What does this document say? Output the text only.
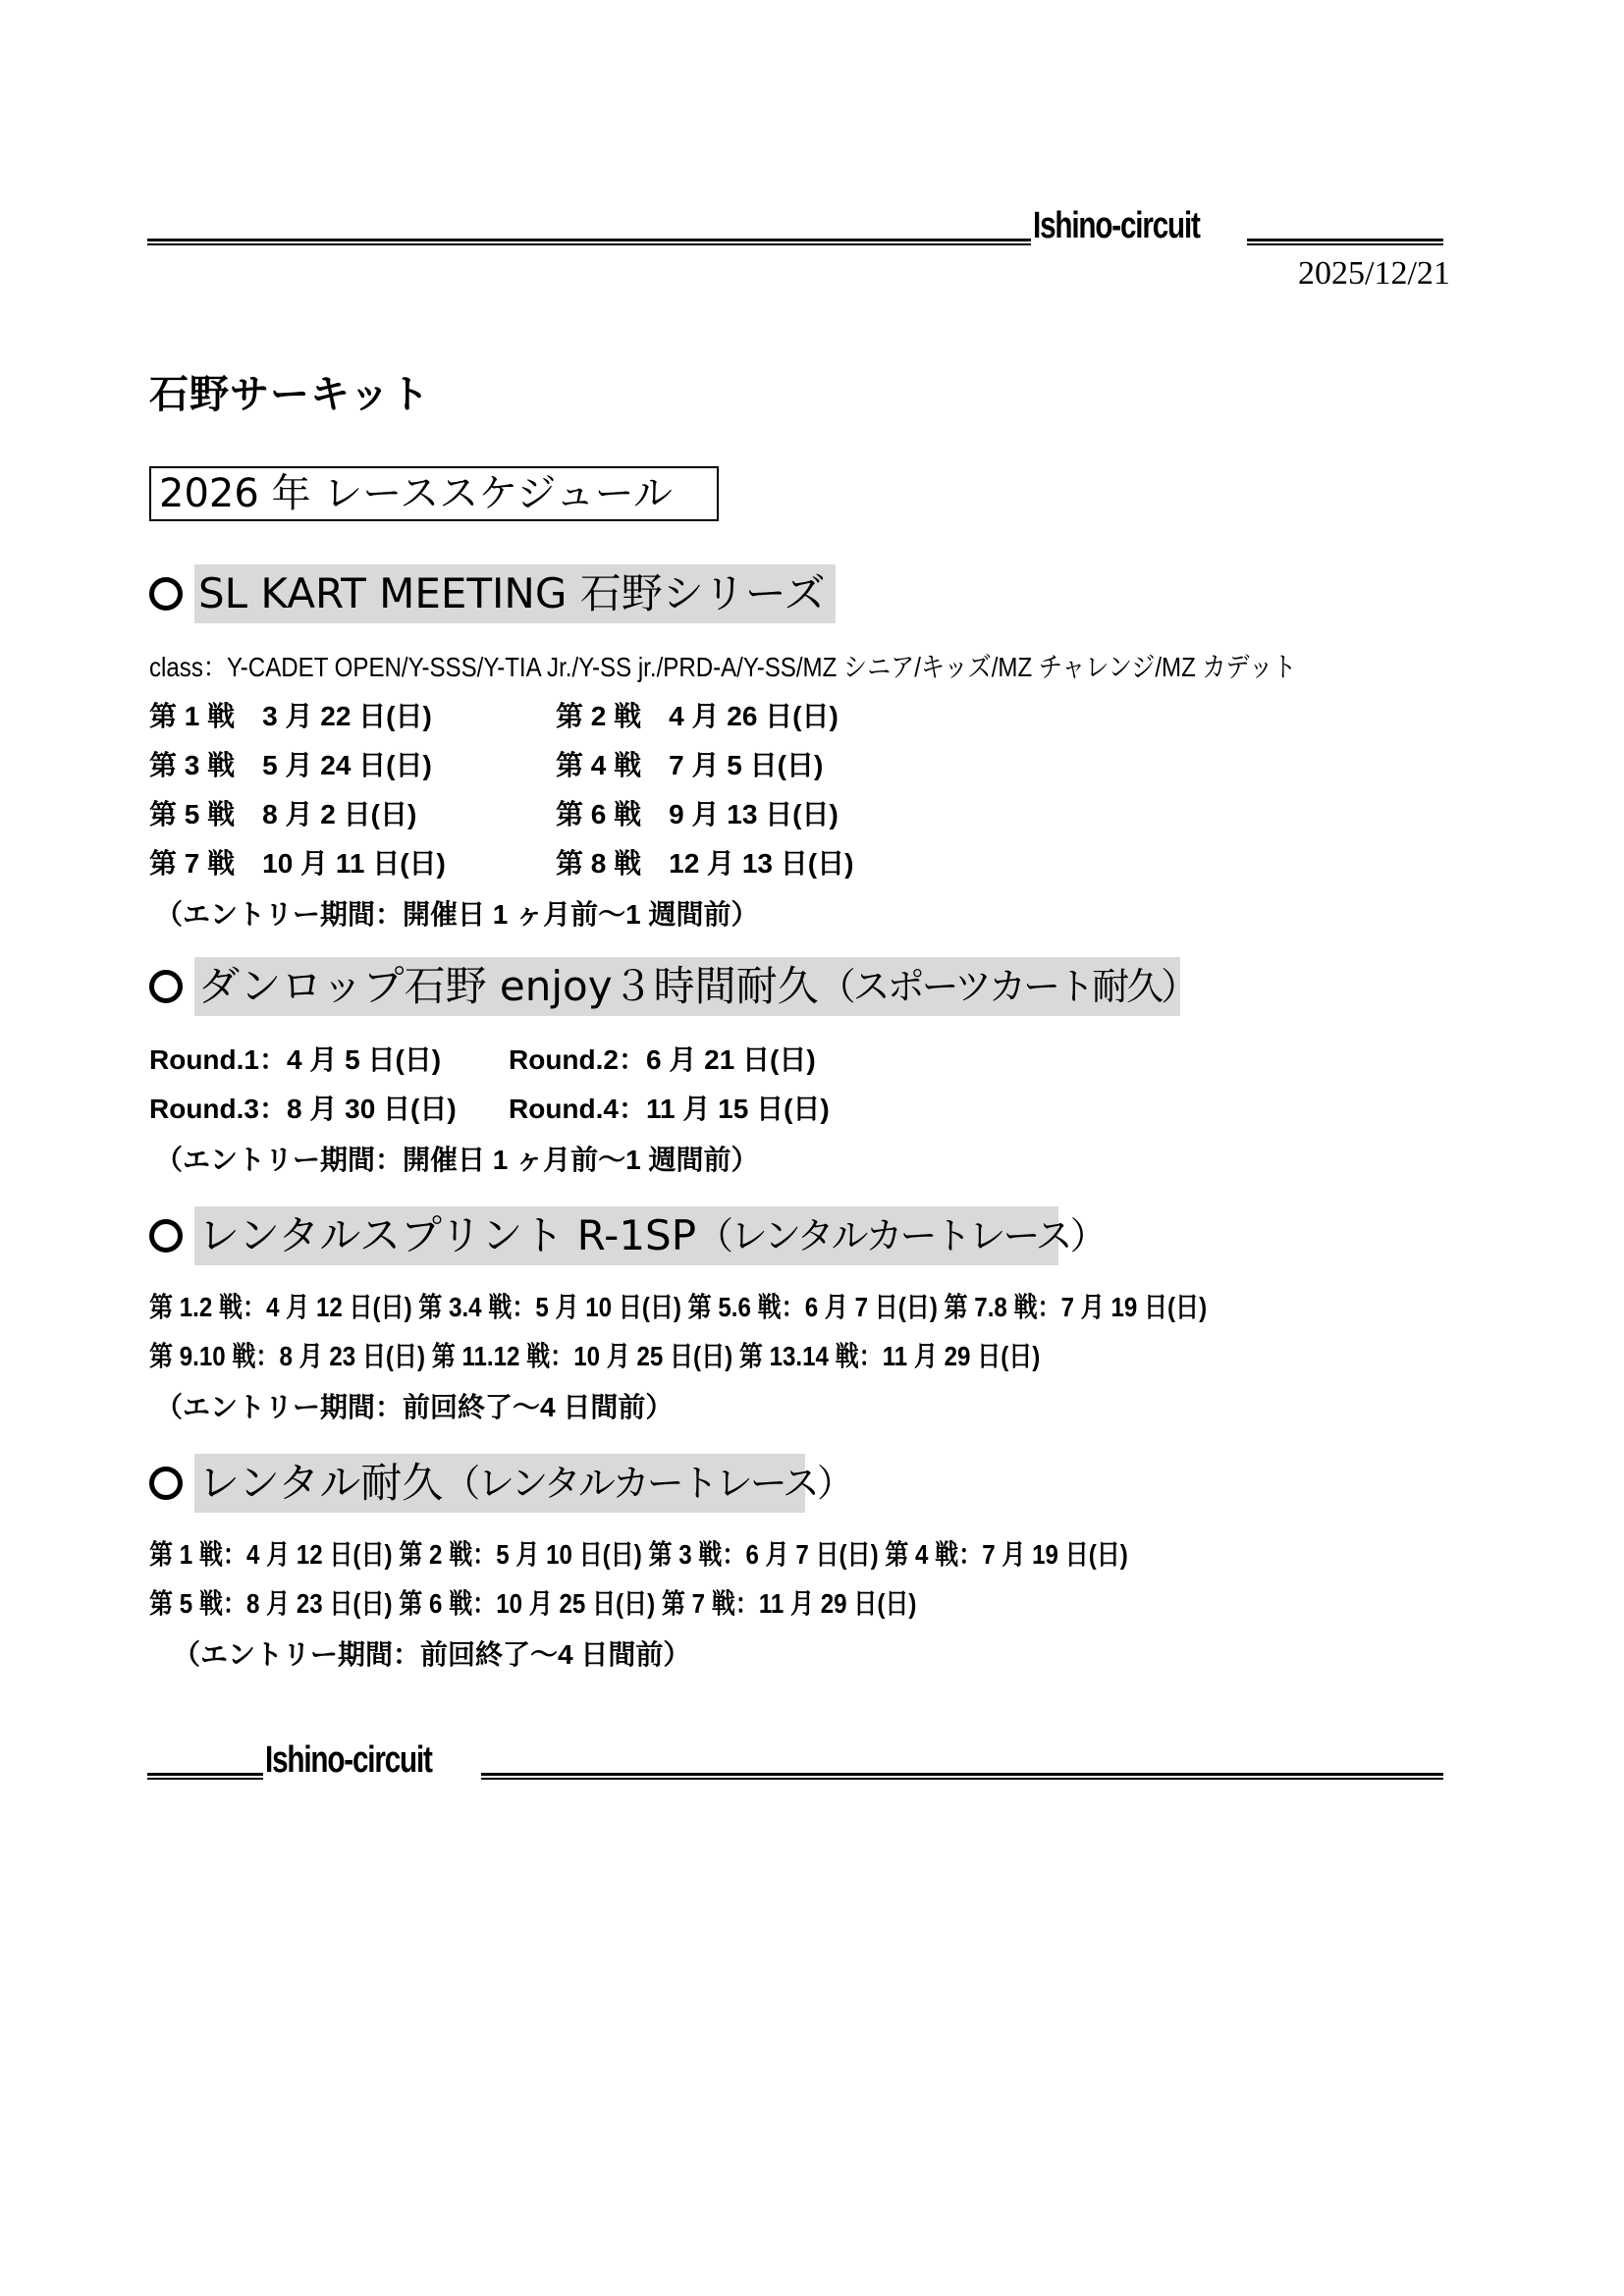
Ishino-circuit
2025/12/21
石野サーキット
2026 年 レーススケジュール
SL KART MEETING 石野シリーズ
class：Y-CADET OPEN/Y-SSS/Y-TIA Jr./Y-SS jr./PRD-A/Y-SS/MZ シニア/キッズ/MZ チャレンジ/MZ カデット
第 1 戦　3 月 22 日(日)	第 2 戦　4 月 26 日(日)
第 3 戦　5 月 24 日(日)	第 4 戦　7 月 5 日(日)
第 5 戦　8 月 2 日(日)	第 6 戦　9 月 13 日(日)
第 7 戦　10 月 11 日(日)	第 8 戦　12 月 13 日(日)
（エントリー期間：開催日 1 ヶ月前～1 週間前）
ダンロップ石野 enjoy３時間耐久 （スポーツカート耐久）
Round.1：4 月 5 日(日) Round.2：6 月 21 日(日)
Round.3：8 月 30 日(日) Round.4：11 月 15 日(日)
（エントリー期間：開催日 1 ヶ月前～1 週間前）
レンタルスプリント R-1SP （レンタルカートレース）
第 1.2 戦：4 月 12 日(日) 第 3.4 戦：5 月 10 日(日) 第 5.6 戦：6 月 7 日(日) 第 7.8 戦：7 月 19 日(日)
第 9.10 戦：8 月 23 日(日) 第 11.12 戦：10 月 25 日(日) 第 13.14 戦：11 月 29 日(日)
（エントリー期間：前回終了～4 日間前）
レンタル耐久 （レンタルカートレース）
第 1 戦：4 月 12 日(日) 第 2 戦：5 月 10 日(日) 第 3 戦：6 月 7 日(日) 第 4 戦：7 月 19 日(日)
第 5 戦：8 月 23 日(日) 第 6 戦：10 月 25 日(日) 第 7 戦：11 月 29 日(日)
（エントリー期間：前回終了～4 日間前）
Ishino-circuit
